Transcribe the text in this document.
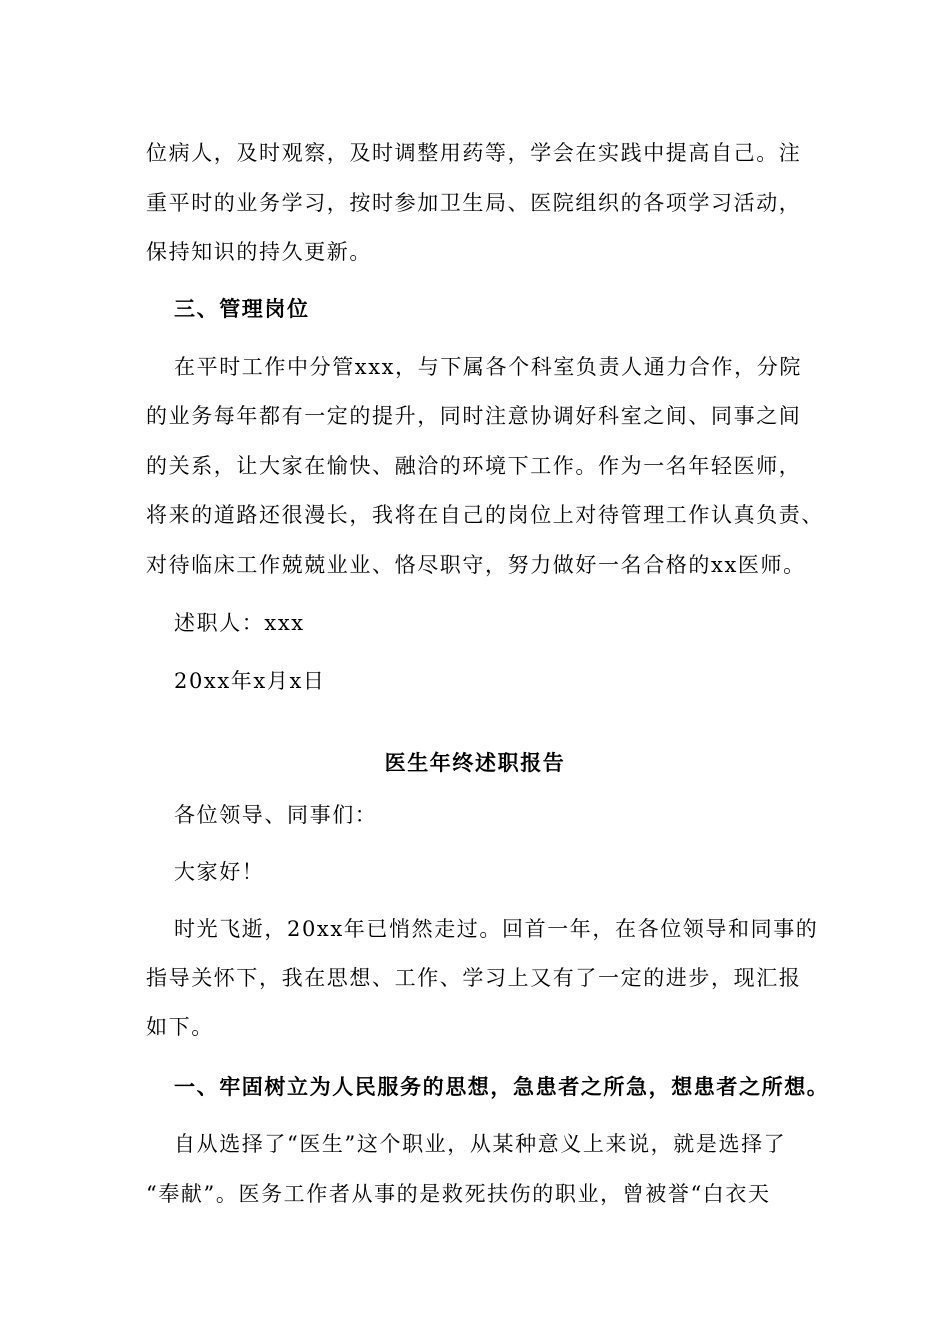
位病人，及时观察，及时调整用药等，学会在实践中提高自己。注
重平时的业务学习，按时参加卫生局、医院组织的各项学习活动，
保持知识的持久更新。
三、管理岗位
在平时工作中分管xxx，与下属各个科室负责人通力合作，分院
的业务每年都有一定的提升，同时注意协调好科室之间、同事之间
的关系，让大家在愉快、融洽的环境下工作。作为一名年轻医师，
将来的道路还很漫长，我将在自己的岗位上对待管理工作认真负责、
对待临床工作兢兢业业、恪尽职守，努力做好一名合格的xx医师。
述职人：xxx
20xx年x月x日
医生年终述职报告
各位领导、同事们：
大家好！
时光飞逝，20xx年已悄然走过。回首一年，在各位领导和同事的
指导关怀下，我在思想、工作、学习上又有了一定的进步，现汇报
如下。
一、牢固树立为人民服务的思想，急患者之所急，想患者之所想。
自从选择了“医生”这个职业，从某种意义上来说，就是选择了
“奉献”。医务工作者从事的是救死扶伤的职业，曾被誉“白衣天
